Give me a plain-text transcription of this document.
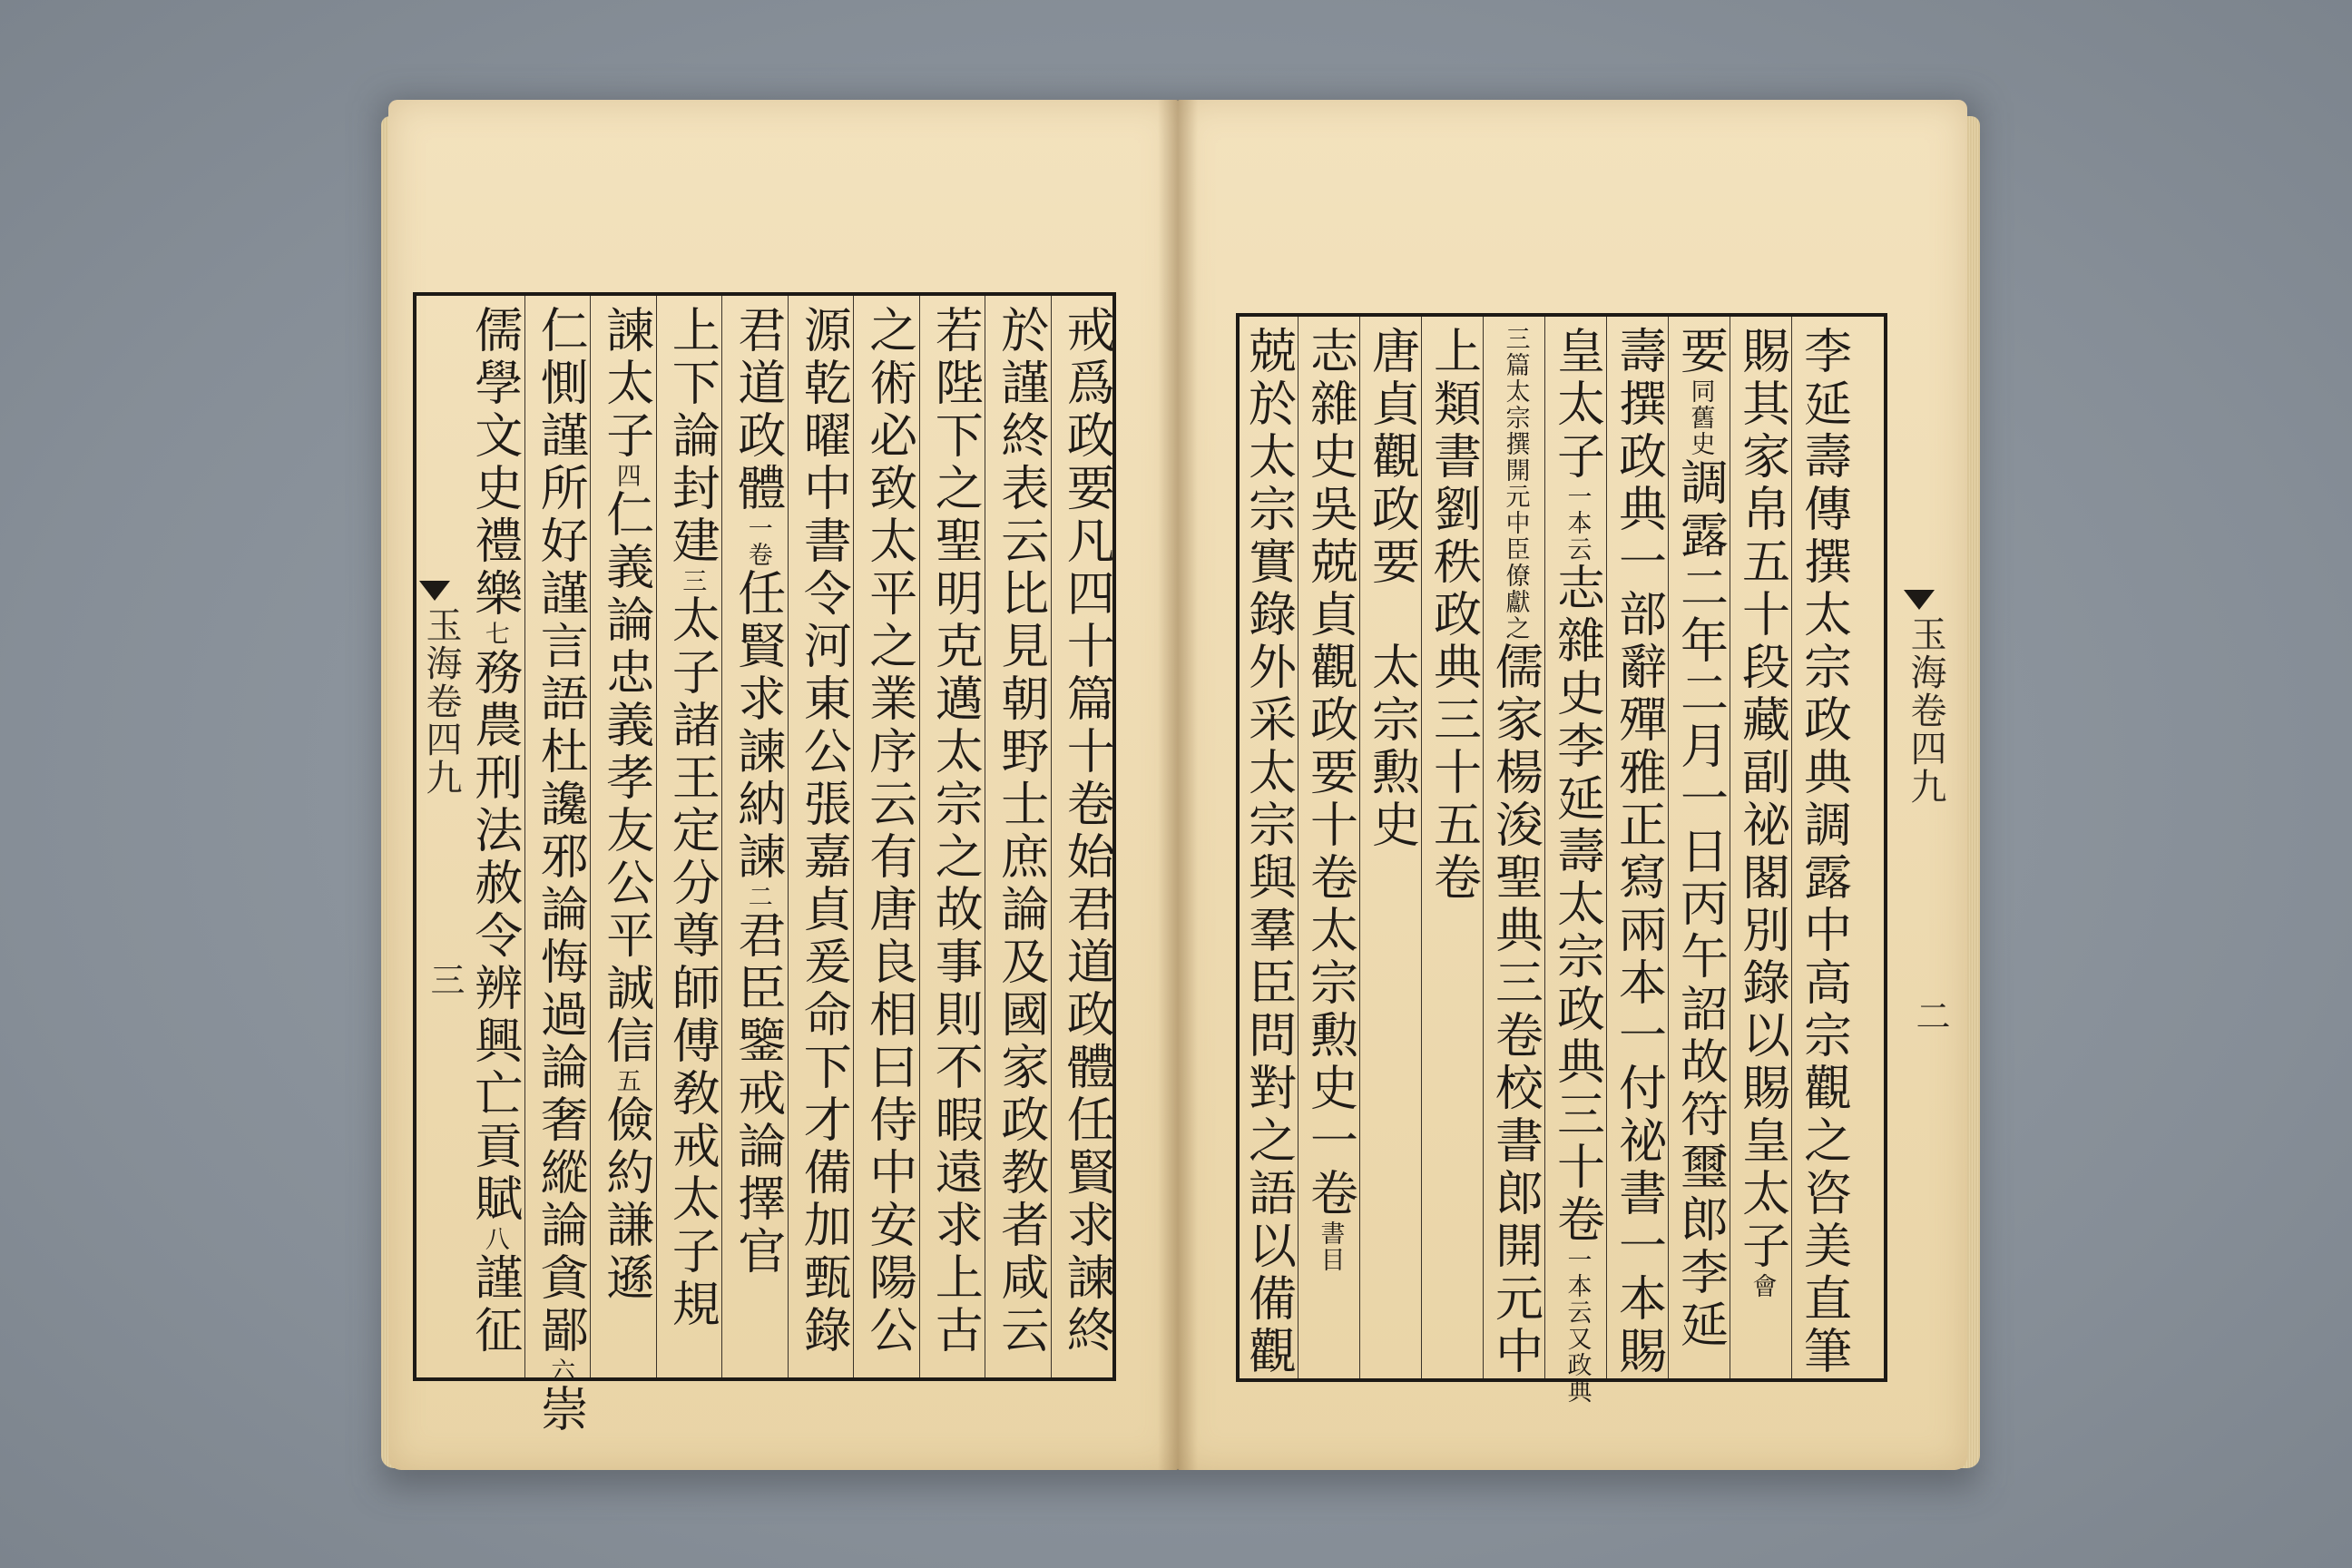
戒爲政要凡四十篇十卷始君道政體任賢求諫終
於謹終表云比見朝野士庶論及國家政教者咸云
若陛下之聖明克邁太宗之故事則不暇遠求上古
之術必致太平之業序云有唐良相曰侍中安陽公
源乾曜中書令河東公張嘉貞爰命下才備加甄錄
君道政體一卷任賢求諫納諫二君臣鑒戒論擇官
上下論封建三太子諸王定分尊師傅敎戒太子規
諫太子四仁義論忠義孝友公平誠信五儉約謙遜
仁惻謹所好謹言語杜讒邪論悔過論奢縱論貪鄙六崇
儒學文史禮樂七務農刑法赦令辨興亡貢賦八謹征
玉海卷四九
三	李延壽傳撰太宗政典調露中高宗觀之咨美直筆
賜其家帛五十段藏副祕閣別錄以賜皇太子會
要同舊史調露二年二月一日丙午詔故符璽郎李延
壽撰政典一部辭殫雅正寫兩本一付祕書一本賜
皇太子一本云志雜史李延壽太宗政典三十卷一本云又政典
三篇太宗撰開元中臣僚獻之儒家楊浚聖典三卷校書郎開元中
上類書劉秩政典三十五卷
唐貞觀政要　太宗勲史
志雜史吳兢貞觀政要十卷太宗勲史一卷書目
兢於太宗實錄外采太宗與羣臣問對之語以備觀	玉海卷四九
二
